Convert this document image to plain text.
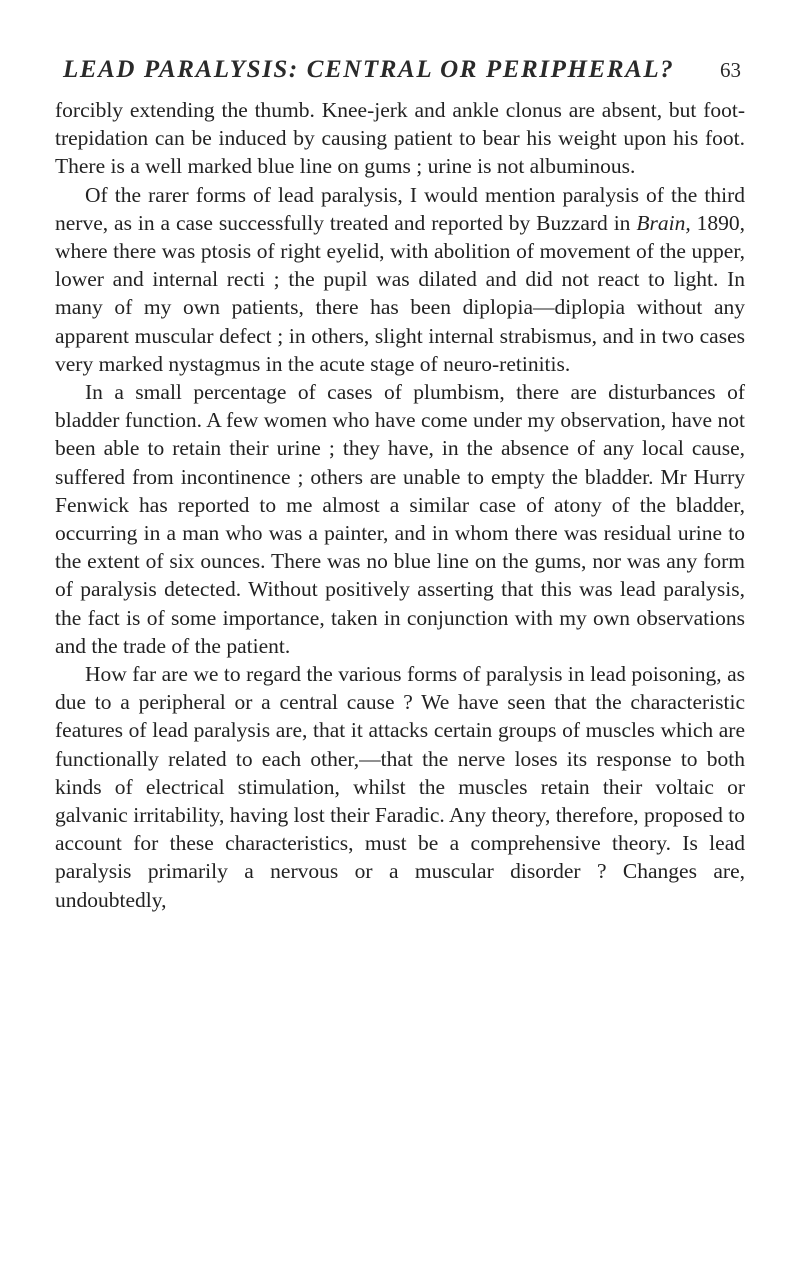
LEAD PARALYSIS: CENTRAL OR PERIPHERAL? 63

forcibly extending the thumb. Knee-jerk and ankle clonus are absent, but foot-trepidation can be induced by causing patient to bear his weight upon his foot. There is a well marked blue line on gums ; urine is not albuminous.

Of the rarer forms of lead paralysis, I would mention paralysis of the third nerve, as in a case successfully treated and reported by Buzzard in Brain, 1890, where there was ptosis of right eyelid, with abolition of movement of the upper, lower and internal recti ; the pupil was dilated and did not react to light. In many of my own patients, there has been diplopia—diplopia without any apparent muscular defect ; in others, slight internal strabismus, and in two cases very marked nystagmus in the acute stage of neuro-retinitis.

In a small percentage of cases of plumbism, there are disturbances of bladder function. A few women who have come under my observation, have not been able to retain their urine ; they have, in the absence of any local cause, suffered from incontinence ; others are unable to empty the bladder. Mr Hurry Fenwick has reported to me almost a similar case of atony of the bladder, occurring in a man who was a painter, and in whom there was residual urine to the extent of six ounces. There was no blue line on the gums, nor was any form of paralysis detected. Without positively asserting that this was lead paralysis, the fact is of some importance, taken in conjunction with my own observations and the trade of the patient.

How far are we to regard the various forms of paralysis in lead poisoning, as due to a peripheral or a central cause ? We have seen that the characteristic features of lead paralysis are, that it attacks certain groups of muscles which are functionally related to each other,—that the nerve loses its response to both kinds of electrical stimulation, whilst the muscles retain their voltaic or galvanic irritability, having lost their Faradic. Any theory, therefore, proposed to account for these characteristics, must be a comprehensive theory. Is lead paralysis primarily a nervous or a muscular disorder ? Changes are, undoubtedly,
